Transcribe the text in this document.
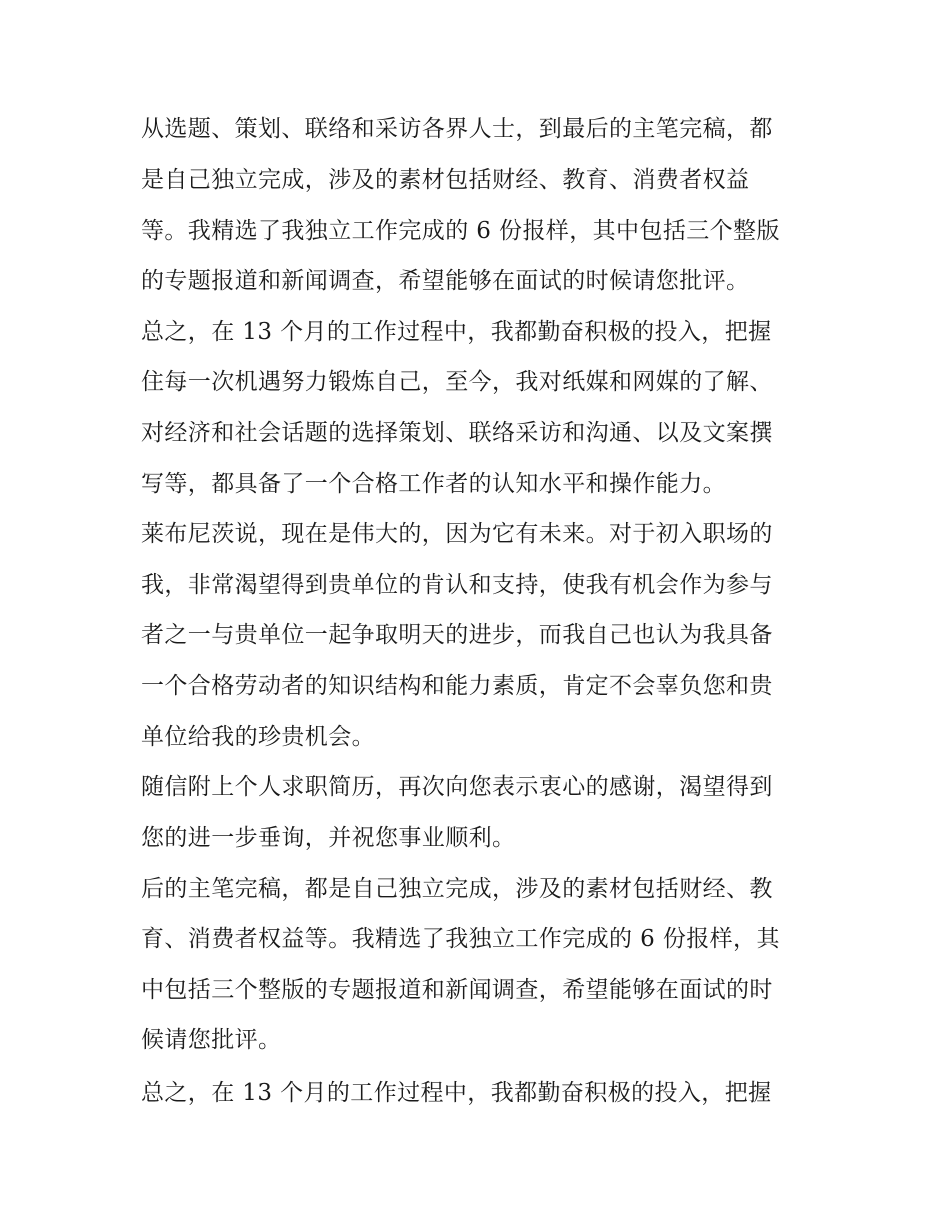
从选题、策划、联络和采访各界人士，到最后的主笔完稿，都
是自己独立完成，涉及的素材包括财经、教育、消费者权益
等。我精选了我独立工作完成的 6 份报样，其中包括三个整版
的专题报道和新闻调查，希望能够在面试的时候请您批评。
总之，在 13 个月的工作过程中，我都勤奋积极的投入，把握
住每一次机遇努力锻炼自己，至今，我对纸媒和网媒的了解、
对经济和社会话题的选择策划、联络采访和沟通、以及文案撰
写等，都具备了一个合格工作者的认知水平和操作能力。
莱布尼茨说，现在是伟大的，因为它有未来。对于初入职场的
我，非常渴望得到贵单位的肯认和支持，使我有机会作为参与
者之一与贵单位一起争取明天的进步，而我自己也认为我具备
一个合格劳动者的知识结构和能力素质，肯定不会辜负您和贵
单位给我的珍贵机会。
随信附上个人求职简历，再次向您表示衷心的感谢，渴望得到
您的进一步垂询，并祝您事业顺利。
后的主笔完稿，都是自己独立完成，涉及的素材包括财经、教
育、消费者权益等。我精选了我独立工作完成的 6 份报样，其
中包括三个整版的专题报道和新闻调查，希望能够在面试的时
候请您批评。
总之，在 13 个月的工作过程中，我都勤奋积极的投入，把握
